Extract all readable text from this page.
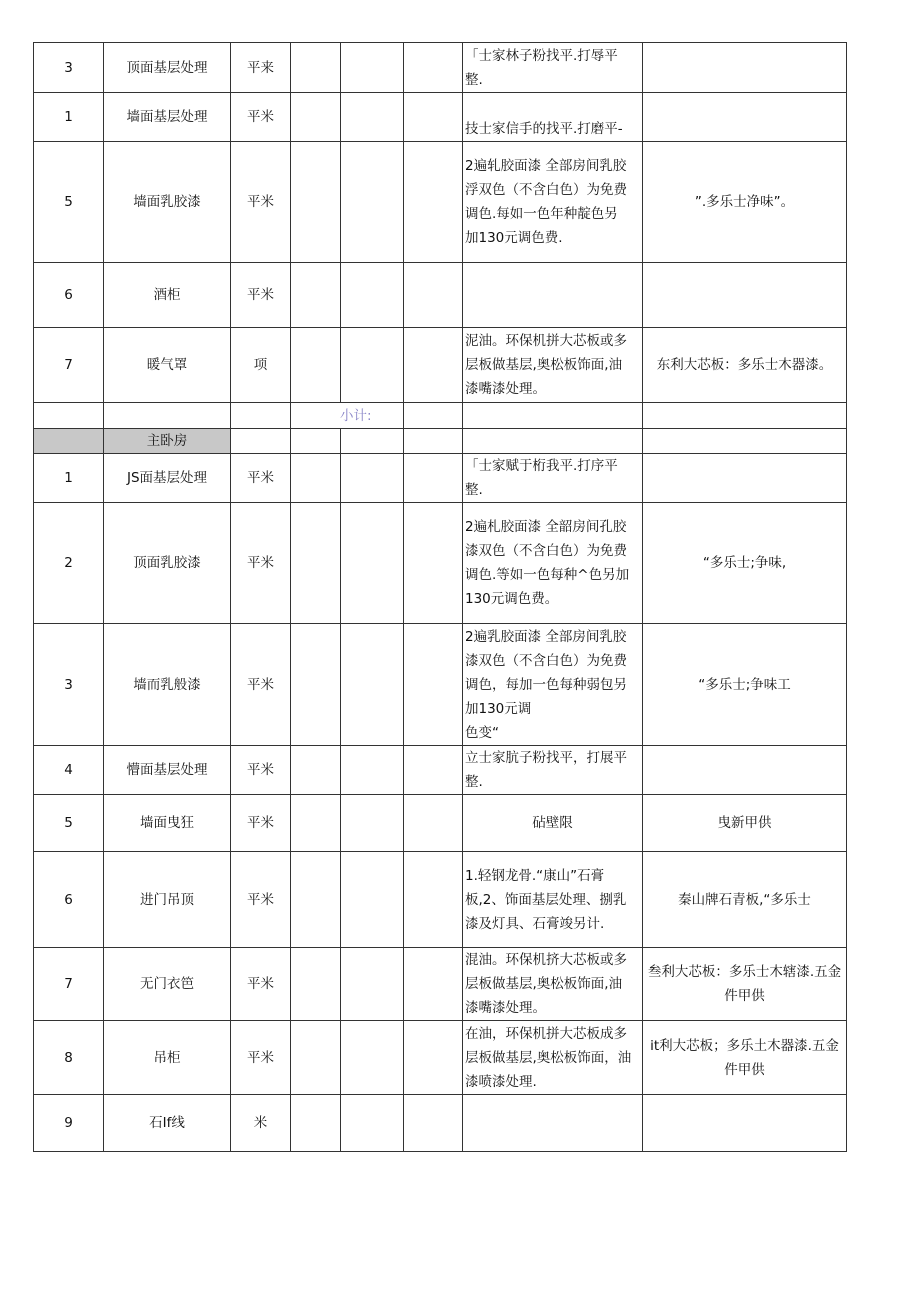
3	顶面基层处理	平来				「士家林子粉找平.打辱平
整.	

1	墙面基层处理	平米				技士家信手的找平.打磨平-	

5	墙面乳胶漆	平米				2遍轧胶面漆 全部房间乳胶
浮双色（不含白色）为免费
调色.每如一色年种靛色另
加130元调色费.	”.多乐士净味”。
6	酒柜	平米					
7	暖气罩	项				泥油。环保机拼大芯板或多
层板做基层,奥松板饰面,油
漆嘴漆处理。	东利大芯板：多乐士木器漆。
			小计:				
	主卧房						
1	JS面基层处理	平米				「士家赋于桁我平.打序平
整.	

2	顶面乳胶漆	平米				2遍札胶面漆 全韶房间孔胶
漆双色（不含白色）为免费
调色.等如一色每种^色另加
130元调色费。	“多乐士;争味,
3	墙而乳般漆	平米				2遍乳胶面漆 全部房间乳胶
漆双色（不含白色）为免费
调色，每加一色每种弱包另
加130元调
色变“	“多乐士;争味工
4	懵面基层处理	平米				立士家肮子粉找平，打展平
整.	

5	墙面曳狂	平米				砧壁限	曳新甲供
6	进门吊顶	平米				1.轻钢龙骨.“康山”石膏
板,2、饰面基层处理、捌乳
漆及灯具、石膏竣另计.	秦山牌石青板,“多乐士
7	无门衣笆	平米				混油。环保机挤大芯板或多
层板做基层,奥松板饰面,油
漆嘴漆处理。	叁利大芯板：多乐士木辖漆.五金件甲供
8	吊柜	平米				在油，环保机拼大芯板成多
层板做基层,奥松板饰面，油
漆喷漆处理.	it利大芯板；多乐土木器漆.五金件甲供
9	石If线	米					
